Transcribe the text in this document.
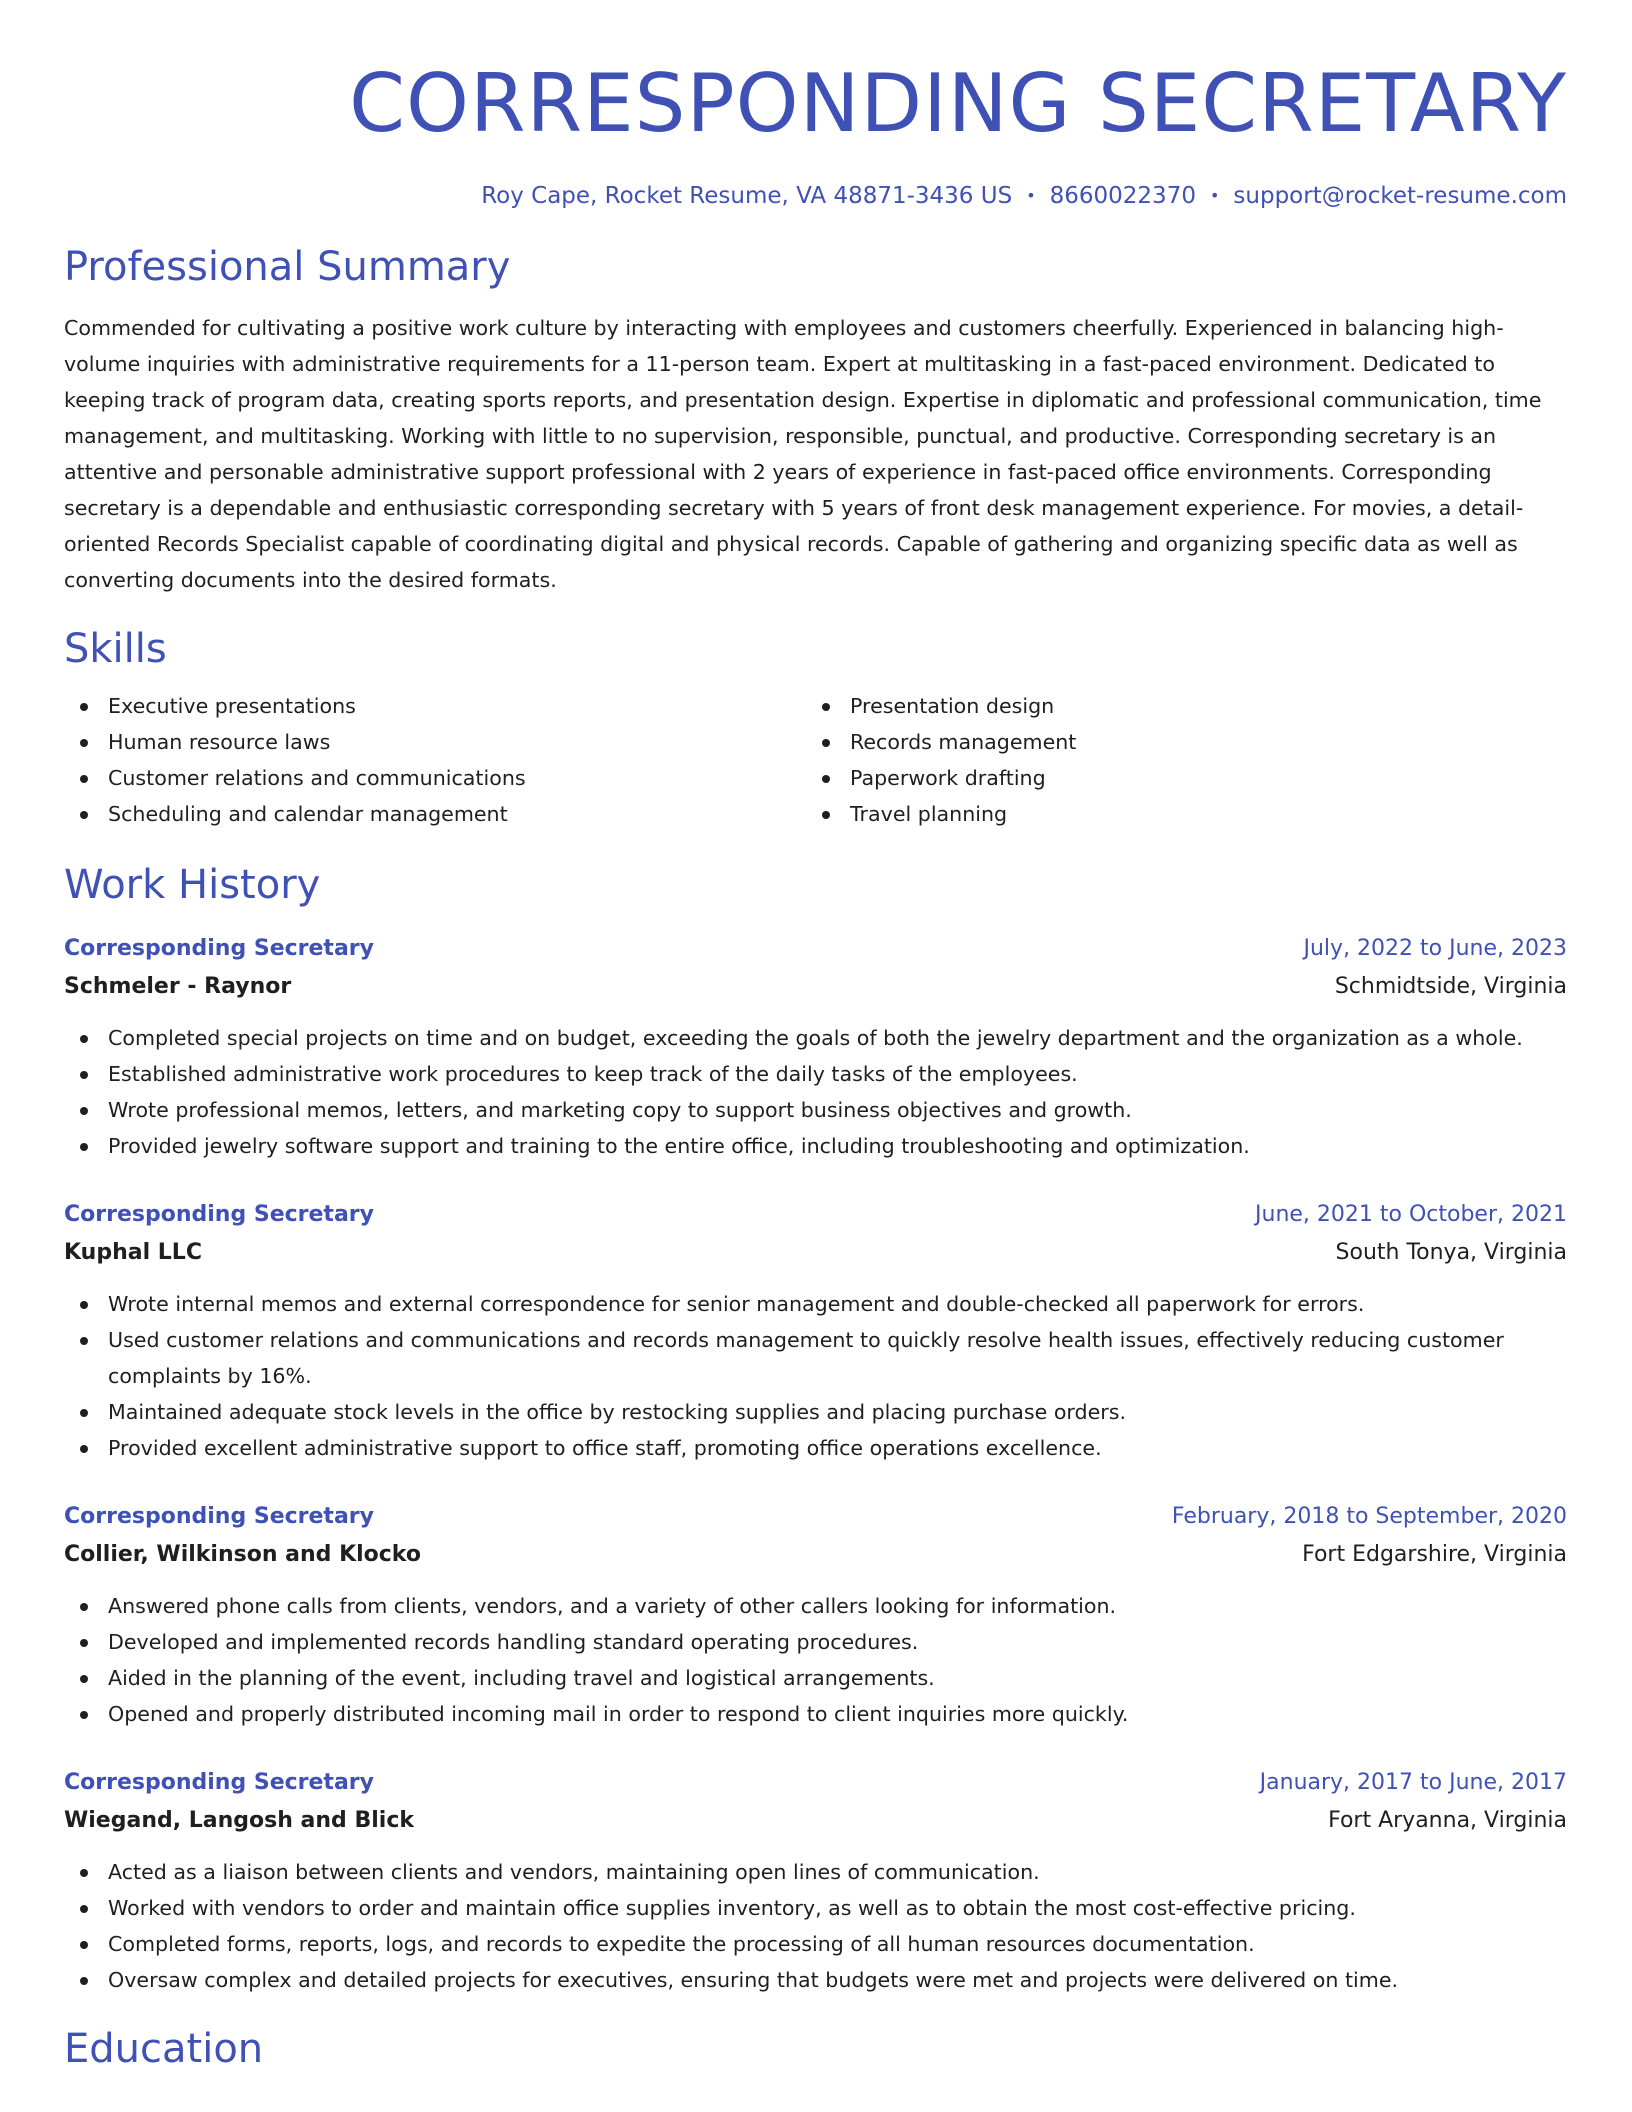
CORRESPONDING SECRETARY
Roy Cape, Rocket Resume, VA 48871-3436 US • 8660022370 • support@rocket-resume.com
Professional Summary

Commended for cultivating a positive work culture by interacting with employees and customers cheerfully. Experienced in balancing high-volume inquiries with administrative requirements for a 11-person team. Expert at multitasking in a fast-paced environment. Dedicated to keeping track of program data, creating sports reports, and presentation design. Expertise in diplomatic and professional communication, time management, and multitasking. Working with little to no supervision, responsible, punctual, and productive. Corresponding secretary is an attentive and personable administrative support professional with 2 years of experience in fast-paced office environments. Corresponding secretary is a dependable and enthusiastic corresponding secretary with 5 years of front desk management experience. For movies, a detail-oriented Records Specialist capable of coordinating digital and physical records. Capable of gathering and organizing specific data as well as converting documents into the desired formats.

Skills
Executive presentations
Human resource laws
Customer relations and communications
Scheduling and calendar management
Presentation design
Records management
Paperwork drafting
Travel planning
Work History
Corresponding Secretary	July, 2022 to June, 2023
Schmeler - Raynor	Schmidtside, Virginia
Completed special projects on time and on budget, exceeding the goals of both the jewelry department and the organization as a whole.
Established administrative work procedures to keep track of the daily tasks of the employees.
Wrote professional memos, letters, and marketing copy to support business objectives and growth.
Provided jewelry software support and training to the entire office, including troubleshooting and optimization.
Corresponding Secretary	June, 2021 to October, 2021
Kuphal LLC	South Tonya, Virginia
Wrote internal memos and external correspondence for senior management and double-checked all paperwork for errors.
Used customer relations and communications and records management to quickly resolve health issues, effectively reducing customer complaints by 16%.
Maintained adequate stock levels in the office by restocking supplies and placing purchase orders.
Provided excellent administrative support to office staff, promoting office operations excellence.
Corresponding Secretary	February, 2018 to September, 2020
Collier, Wilkinson and Klocko	Fort Edgarshire, Virginia
Answered phone calls from clients, vendors, and a variety of other callers looking for information.
Developed and implemented records handling standard operating procedures.
Aided in the planning of the event, including travel and logistical arrangements.
Opened and properly distributed incoming mail in order to respond to client inquiries more quickly.
Corresponding Secretary	January, 2017 to June, 2017
Wiegand, Langosh and Blick	Fort Aryanna, Virginia
Acted as a liaison between clients and vendors, maintaining open lines of communication.
Worked with vendors to order and maintain office supplies inventory, as well as to obtain the most cost-effective pricing.
Completed forms, reports, logs, and records to expedite the processing of all human resources documentation.
Oversaw complex and detailed projects for executives, ensuring that budgets were met and projects were delivered on time.
Education
